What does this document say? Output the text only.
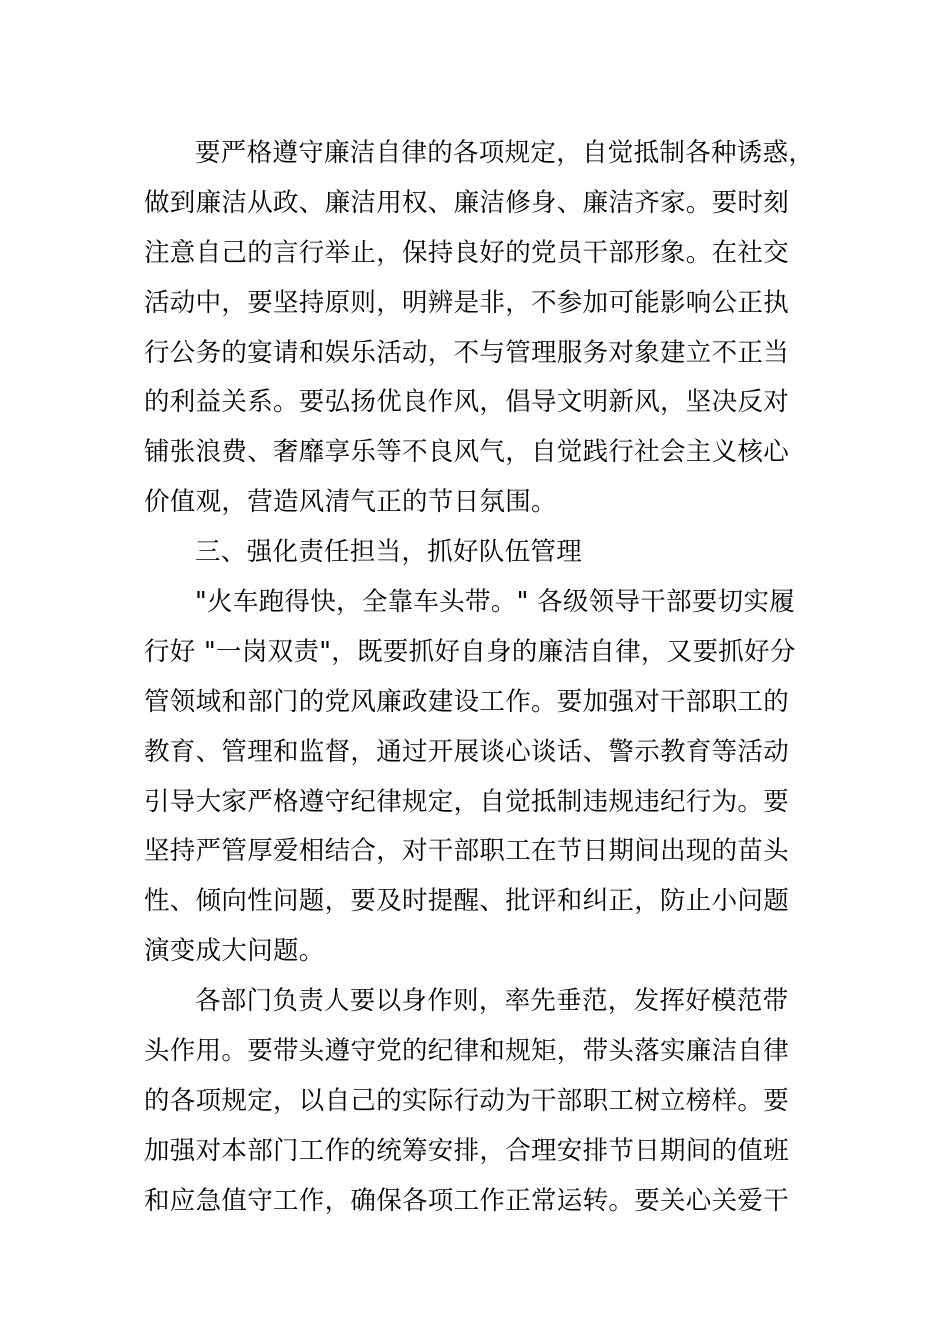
要严格遵守廉洁自律的各项规定，自觉抵制各种诱惑，
做到廉洁从政、廉洁用权、廉洁修身、廉洁齐家。要时刻
注意自己的言行举止，保持良好的党员干部形象。在社交
活动中，要坚持原则，明辨是非，不参加可能影响公正执
行公务的宴请和娱乐活动，不与管理服务对象建立不正当
的利益关系。要弘扬优良作风，倡导文明新风，坚决反对
铺张浪费、奢靡享乐等不良风气，自觉践行社会主义核心
价值观，营造风清气正的节日氛围。
三、强化责任担当，抓好队伍管理
"火车跑得快，全靠车头带。" 各级领导干部要切实履
行好 "一岗双责"，既要抓好自身的廉洁自律，又要抓好分
管领域和部门的党风廉政建设工作。要加强对干部职工的
教育、管理和监督，通过开展谈心谈话、警示教育等活动
引导大家严格遵守纪律规定，自觉抵制违规违纪行为。要
坚持严管厚爱相结合，对干部职工在节日期间出现的苗头
性、倾向性问题，要及时提醒、批评和纠正，防止小问题
演变成大问题。
各部门负责人要以身作则，率先垂范，发挥好模范带
头作用。要带头遵守党的纪律和规矩，带头落实廉洁自律
的各项规定，以自己的实际行动为干部职工树立榜样。要
加强对本部门工作的统筹安排，合理安排节日期间的值班
和应急值守工作，确保各项工作正常运转。要关心关爱干
